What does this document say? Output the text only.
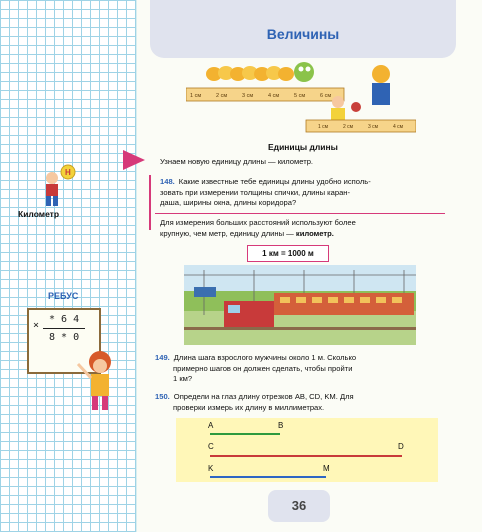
Величины
1 см	2 см	3 см	4 см	5 см	6 см
1 см	2 см	3 см	4 см
Единицы длины
Узнаем новую единицу длины — километр.
H
Километр
РЕБУС
×
* 6 4
8 * 0
148. Какие известные тебе единицы длины удобно исполь-
зовать при измерении толщины спички, длины каран-
даша, ширины окна, длины коридора?
Для измерения больших расстояний используют более
крупную, чем метр, единицу длины — километр.
1 км = 1000 м
149. Длина шага взрослого мужчины около 1 м. Сколько
примерно шагов он должен сделать, чтобы пройти
1 км?
150. Определи на глаз длину отрезков AB, CD, KM. Для
проверки измерь их длину в миллиметрах.
A	B
C	D
K	M
36
